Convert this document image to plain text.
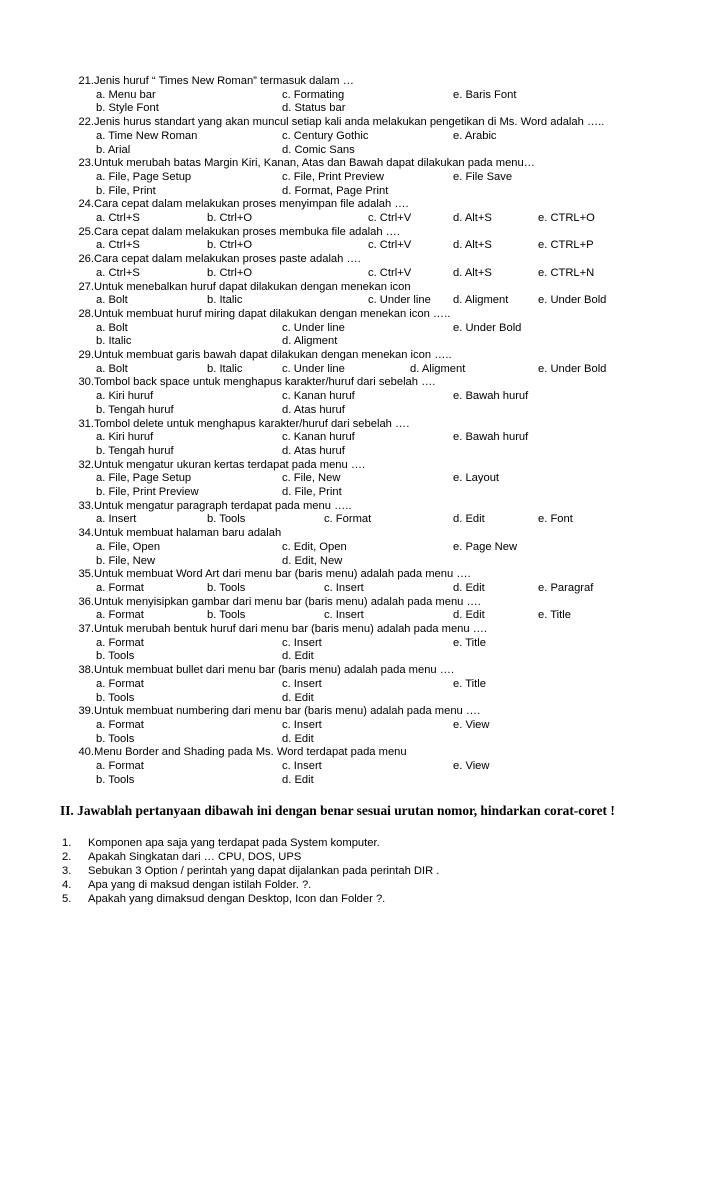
21. Jenis huruf “ Times New Roman” termasuk dalam …
a. Menu bar	c. Formating	e. Baris Font
b. Style Font	d. Status bar
22. Jenis hurus standart yang akan muncul setiap kali anda melakukan pengetikan di Ms. Word adalah …..
a. Time New Roman	c. Century Gothic	e. Arabic
b. Arial	d. Comic Sans
23. Untuk merubah batas Margin Kiri, Kanan, Atas dan Bawah dapat dilakukan pada menu…
a. File, Page Setup	c. File, Print Preview	e. File Save
b. File, Print	d. Format, Page Print
24. Cara cepat dalam melakukan proses menyimpan file adalah ….
a. Ctrl+S	b. Ctrl+O	c. Ctrl+V	d. Alt+S	e. CTRL+O
25. Cara cepat dalam melakukan proses membuka file adalah ….
a. Ctrl+S	b. Ctrl+O	c. Ctrl+V	d. Alt+S	e. CTRL+P
26. Cara cepat dalam melakukan proses paste adalah ….
a. Ctrl+S	b. Ctrl+O	c. Ctrl+V	d. Alt+S	e. CTRL+N
27. Untuk menebalkan huruf dapat dilakukan dengan menekan icon
a. Bolt	b. Italic	c. Under line d. Aligment	e. Under Bold
28. Untuk membuat huruf miring dapat dilakukan dengan menekan icon …..
a. Bolt	c. Under line	e. Under Bold
b. Italic	d. Aligment
29. Untuk membuat garis bawah dapat dilakukan dengan menekan icon …..
a. Bolt	b. Italic	c. Under line	d. Aligment	e. Under Bold
30. Tombol back space untuk menghapus karakter/huruf dari sebelah ….
a. Kiri huruf	c. Kanan huruf	e. Bawah huruf
b. Tengah huruf	d. Atas huruf
31. Tombol delete untuk menghapus karakter/huruf dari sebelah ….
a. Kiri huruf	c. Kanan huruf	e. Bawah huruf
b. Tengah huruf	d. Atas huruf
32. Untuk mengatur ukuran kertas terdapat pada menu ….
a. File, Page Setup	c. File, New	e. Layout
b. File, Print Preview	d. File, Print
33. Untuk mengatur paragraph terdapat pada menu …..
a. Insert	b. Tools	c. Format	d. Edit	e. Font
34. Untuk membuat halaman baru adalah
a. File, Open	c. Edit, Open	e. Page New
b. File, New	d. Edit, New
35. Untuk membuat Word Art dari menu bar (baris menu) adalah pada menu ….
a. Format	b. Tools	c. Insert	d. Edit	e. Paragraf
36. Untuk menyisipkan gambar dari menu bar (baris menu) adalah pada menu ….
a. Format	b. Tools	c. Insert	d. Edit	e. Title
37. Untuk merubah bentuk huruf dari menu bar (baris menu) adalah pada menu ….
a. Format	c. Insert	e. Title
b. Tools	d. Edit
38. Untuk membuat bullet dari menu bar (baris menu) adalah pada menu ….
a. Format	c. Insert	e. Title
b. Tools	d. Edit
39. Untuk membuat numbering dari menu bar (baris menu) adalah pada menu ….
a. Format	c. Insert	e. View
b. Tools	d. Edit
40. Menu Border and Shading pada Ms. Word terdapat pada menu
a. Format	c. Insert	e. View
b. Tools	d. Edit
II. Jawablah pertanyaan dibawah ini dengan benar sesuai urutan nomor, hindarkan corat-coret !
1. Komponen apa saja yang terdapat pada System komputer.
2. Apakah Singkatan dari … CPU, DOS, UPS
3. Sebukan 3 Option / perintah yang dapat dijalankan pada perintah DIR .
4. Apa yang di maksud dengan istilah Folder. ?.
5. Apakah yang dimaksud dengan Desktop, Icon dan Folder ?.
